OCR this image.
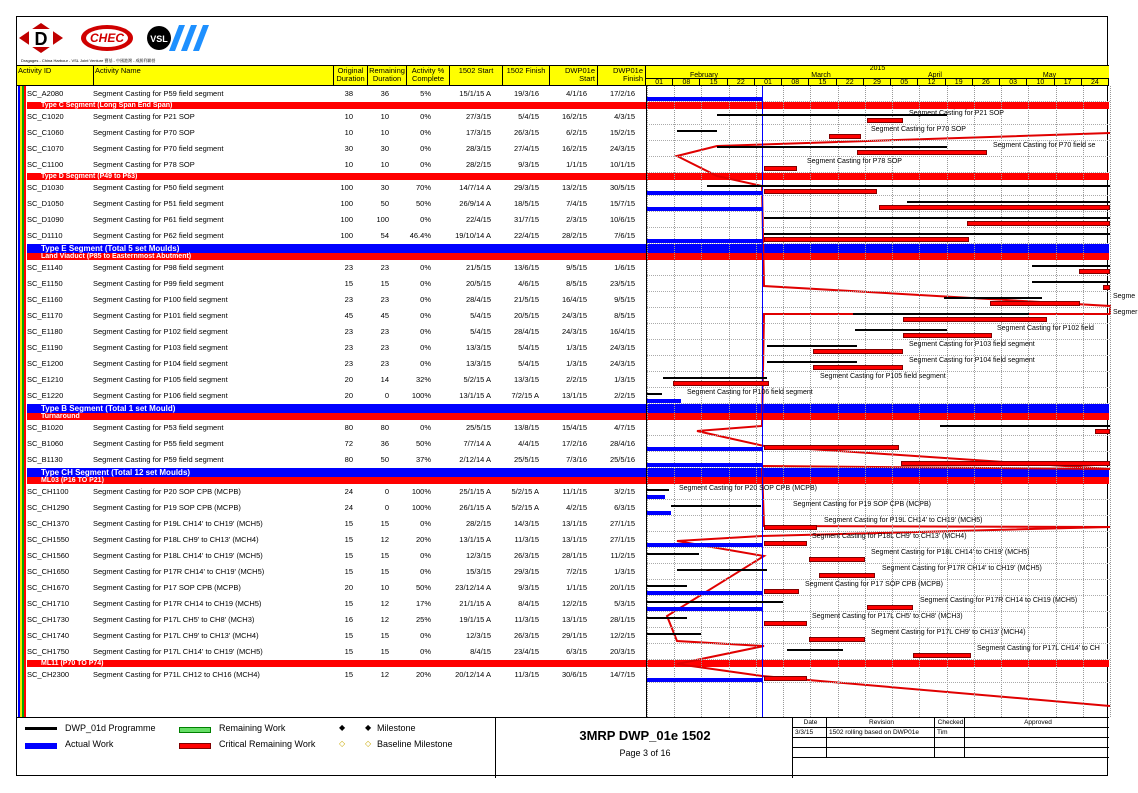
D	CHEC	VSL
Dragages - China Harbour - VSL Joint Venture 寶基 - 中國港灣 - 威勝利聯營
Activity ID	Activity Name	Original
Duration
Remaining
Duration
Activity %
Complete
1502 Start	1502 Finish	DWP01e
Start
DWP01e
Finish
2015
February	March	April	May
01	08	15	22	01	08	15	22	29	05	12	19	26	03	10	17	24
SC_A2080	Segment Casting for P59 field segment	38	36	5%	15/1/15 A	19/3/16	4/1/16	17/2/16
Type C Segment (Long Span End Span)
SC_C1020	Segment Casting for P21 SOP	10	10	0%	27/3/15	5/4/15	16/2/15	4/3/15
SC_C1060	Segment Casting for P70 SOP	10	10	0%	17/3/15	26/3/15	6/2/15	15/2/15
SC_C1070	Segment Casting for P70 field segment	30	30	0%	28/3/15	27/4/15	16/2/15	24/3/15
SC_C1100	Segment Casting for P78 SOP	10	10	0%	28/2/15	9/3/15	1/1/15	10/1/15
Type D Segment (P49 to P63)
SC_D1030	Segment Casting for P50 field segment	100	30	70%	14/7/14 A	29/3/15	13/2/15	30/5/15
SC_D1050	Segment Casting for P51 field segment	100	50	50%	26/9/14 A	18/5/15	7/4/15	15/7/15
SC_D1090	Segment Casting for P61 field segment	100	100	0%	22/4/15	31/7/15	2/3/15	10/6/15
SC_D1110	Segment Casting for P62 field segment	100	54	46.4%	19/10/14 A	22/4/15	28/2/15	7/6/15
Type E Segment (Total 5 set Moulds)
Land Viaduct (P85 to Easternmost Abutment)
SC_E1140	Segment Casting for P98 field segment	23	23	0%	21/5/15	13/6/15	9/5/15	1/6/15
SC_E1150	Segment Casting for P99 field segment	15	15	0%	20/5/15	4/6/15	8/5/15	23/5/15
SC_E1160	Segment Casting for P100 field segment	23	23	0%	28/4/15	21/5/15	16/4/15	9/5/15
SC_E1170	Segment Casting for P101 field segment	45	45	0%	5/4/15	20/5/15	24/3/15	8/5/15
SC_E1180	Segment Casting for P102 field segment	23	23	0%	5/4/15	28/4/15	24/3/15	16/4/15
SC_E1190	Segment Casting for P103 field segment	23	23	0%	13/3/15	5/4/15	1/3/15	24/3/15
SC_E1200	Segment Casting for P104 field segment	23	23	0%	13/3/15	5/4/15	1/3/15	24/3/15
SC_E1210	Segment Casting for P105 field segment	20	14	32%	5/2/15 A	13/3/15	2/2/15	1/3/15
SC_E1220	Segment Casting for P106 field segment	20	0	100%	13/1/15 A	7/2/15 A	13/1/15	2/2/15
Type B Segment (Total 1 set Mould)
Turnaround
SC_B1020	Segment Casting for P53 field segment	80	80	0%	25/5/15	13/8/15	15/4/15	4/7/15
SC_B1060	Segment Casting for P55 field segment	72	36	50%	7/7/14 A	4/4/15	17/2/16	28/4/16
SC_B1130	Segment Casting for P59 field segment	80	50	37%	2/12/14 A	25/5/15	7/3/16	25/5/16
Type CH Segment (Total 12 set Moulds)
ML03 (P16 TO P21)
SC_CH1100	Segment Casting for P20 SOP CPB (MCPB)	24	0	100%	25/1/15 A	5/2/15 A	11/1/15	3/2/15
SC_CH1290	Segment Casting for P19 SOP CPB (MCPB)	24	0	100%	26/1/15 A	5/2/15 A	4/2/15	6/3/15
SC_CH1370	Segment Casting for P19L CH14' to CH19' (MCH5)	15	15	0%	28/2/15	14/3/15	13/1/15	27/1/15
SC_CH1550	Segment Casting for P18L CH9' to CH13' (MCH4)	15	12	20%	13/1/15 A	11/3/15	13/1/15	27/1/15
SC_CH1560	Segment Casting for P18L CH14' to CH19' (MCH5)	15	15	0%	12/3/15	26/3/15	28/1/15	11/2/15
SC_CH1650	Segment Casting for P17R CH14' to CH19' (MCH5)	15	15	0%	15/3/15	29/3/15	7/2/15	1/3/15
SC_CH1670	Segment Casting for P17 SOP CPB (MCPB)	20	10	50%	23/12/14 A	9/3/15	1/1/15	20/1/15
SC_CH1710	Segment Casting for P17R CH14 to CH19 (MCH5)	15	12	17%	21/1/15 A	8/4/15	12/2/15	5/3/15
SC_CH1730	Segment Casting for P17L CH5' to CH8' (MCH3)	16	12	25%	19/1/15 A	11/3/15	13/1/15	28/1/15
SC_CH1740	Segment Casting for P17L CH9' to CH13' (MCH4)	15	15	0%	12/3/15	26/3/15	29/1/15	12/2/15
SC_CH1750	Segment Casting for P17L CH14' to CH19' (MCH5)	15	15	0%	8/4/15	23/4/15	6/3/15	20/3/15
ML11 (P70 TO P74)
SC_CH2300	Segment Casting for P71L CH12 to CH16 (MCH4)	15	12	20%	20/12/14 A	11/3/15	30/6/15	14/7/15
Segment Casting for P21 SOP
Segment Casting for P70 SOP
Segment Casting for P70 field se
Segment Casting for P78 SOP
Segme
Segmer
Segment Casting for P102 field
Segment Casting for P103 field segment
Segment Casting for P104 field segment
Segment Casting for P105 field segment
Segment Casting for P106 field segment
Segment Casting for P20 SOP CPB (MCPB)
Segment Casting for P19 SOP CPB (MCPB)
Segment Casting for P19L CH14' to CH19' (MCH5)
Segment Casting for P18L CH9' to CH13' (MCH4)
Segment Casting for P18L CH14' to CH19' (MCH5)
Segment Casting for P17R CH14' to CH19' (MCH5)
Segment Casting for P17 SOP CPB (MCPB)
Segment Casting for P17R CH14 to CH19 (MCH5)
Segment Casting for P17L CH5' to CH8' (MCH3)
Segment Casting for P17L CH9' to CH13' (MCH4)
Segment Casting for P17L CH14' to CH
DWP_01d Programme
Actual Work
Remaining Work
Critical Remaining Work
◆ ◆ Milestone
◇ ◇ Baseline Milestone
3MRP DWP_01e 1502
Page 3 of 16
Date	Revision	Checked	Approved
3/3/15	1502 rolling based on DWP01e	Tim
